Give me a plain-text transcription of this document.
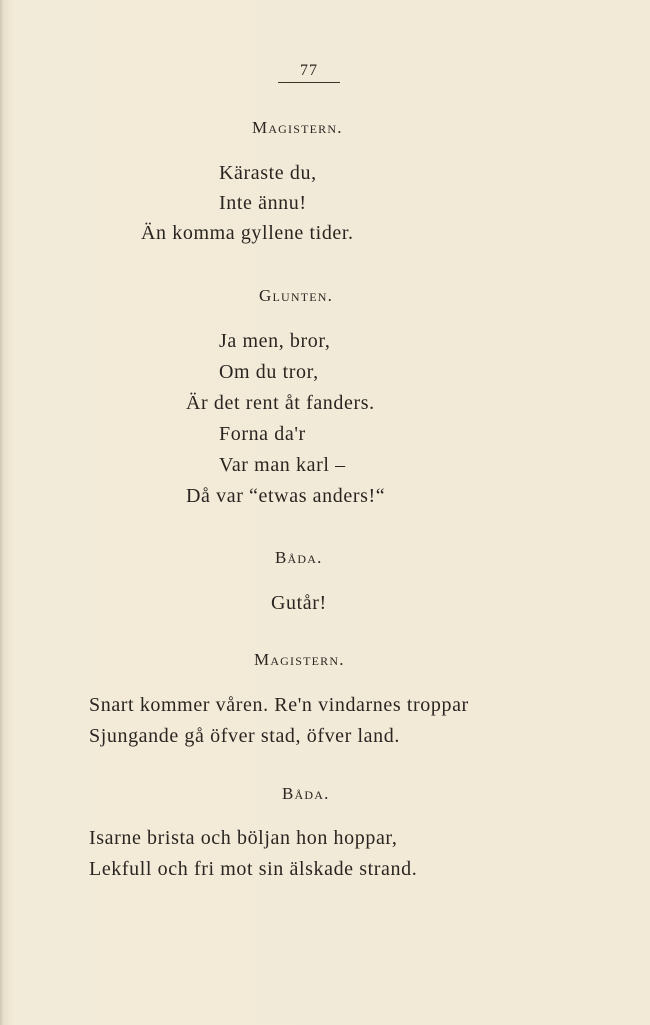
77
Magistern.
Käraste du,
Inte ännu!
Än komma gyllene tider.
Glunten.
Ja men, bror,
Om du tror,
Är det rent åt fanders.
Forna da'r
Var man karl –
Då var “etwas anders!“
Båda.
Gutår!
Magistern.
Snart kommer våren. Re'n vindarnes troppar
Sjungande gå öfver stad, öfver land.
Båda.
Isarne brista och böljan hon hoppar,
Lekfull och fri mot sin älskade strand.
